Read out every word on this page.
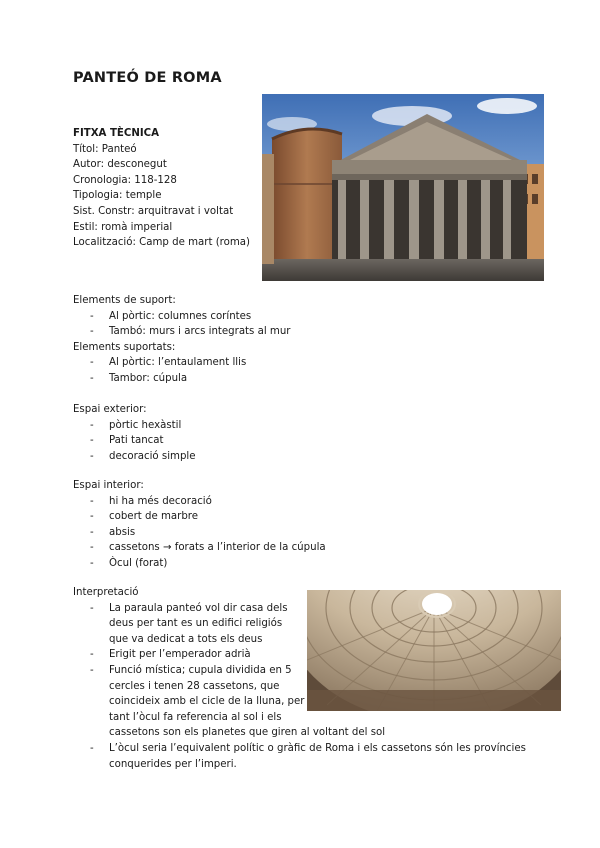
PANTEÓ DE ROMA
FITXA TÈCNICA
Títol: Panteó
Autor: desconegut
Cronologia: 118-128
Tipologia: temple
Sist. Constr: arquitravat i voltat
Estil: romà imperial
Localització: Camp de mart (roma)
Elements de suport:
- Al pòrtic: columnes coríntes
- Tambó: murs i arcs integrats al mur
Elements suportats:
- Al pòrtic: l’entaulament llis
- Tambor: cúpula
Espai exterior:
- pòrtic hexàstil
- Pati tancat
- decoració simple
Espai interior:
- hi ha més decoració
- cobert de marbre
- absis
- cassetons → forats a l’interior de la cúpula
- Òcul (forat)
Interpretació
- La paraula panteó vol dir casa dels
deus per tant es un edifici religiós
que va dedicat a tots els deus
- Erigit per l’emperador adrià
- Funció mística; cupula dividida en 5
cercles i tenen 28 cassetons, que
coincideix amb el cicle de la lluna, per
tant l’òcul fa referencia al sol i els
cassetons son els planetes que giren al voltant del sol
- L’òcul seria l’equivalent polític o gràfic de Roma i els cassetons són les províncies
conquerides per l’imperi.
